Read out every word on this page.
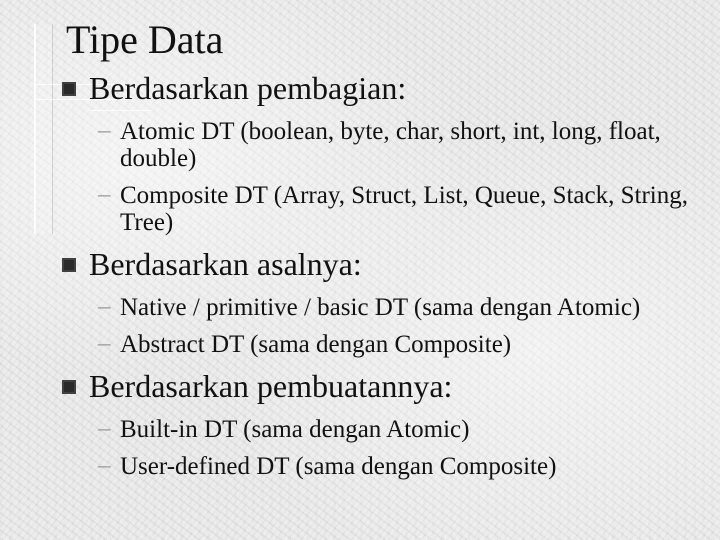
Tipe Data
Berdasarkan pembagian:
– Atomic DT (boolean, byte, char, short, int, long, float, double)
– Composite DT (Array, Struct, List, Queue, Stack, String, Tree)
Berdasarkan asalnya:
– Native / primitive / basic DT (sama dengan Atomic)
– Abstract DT (sama dengan Composite)
Berdasarkan pembuatannya:
– Built-in DT (sama dengan Atomic)
– User-defined DT (sama dengan Composite)
